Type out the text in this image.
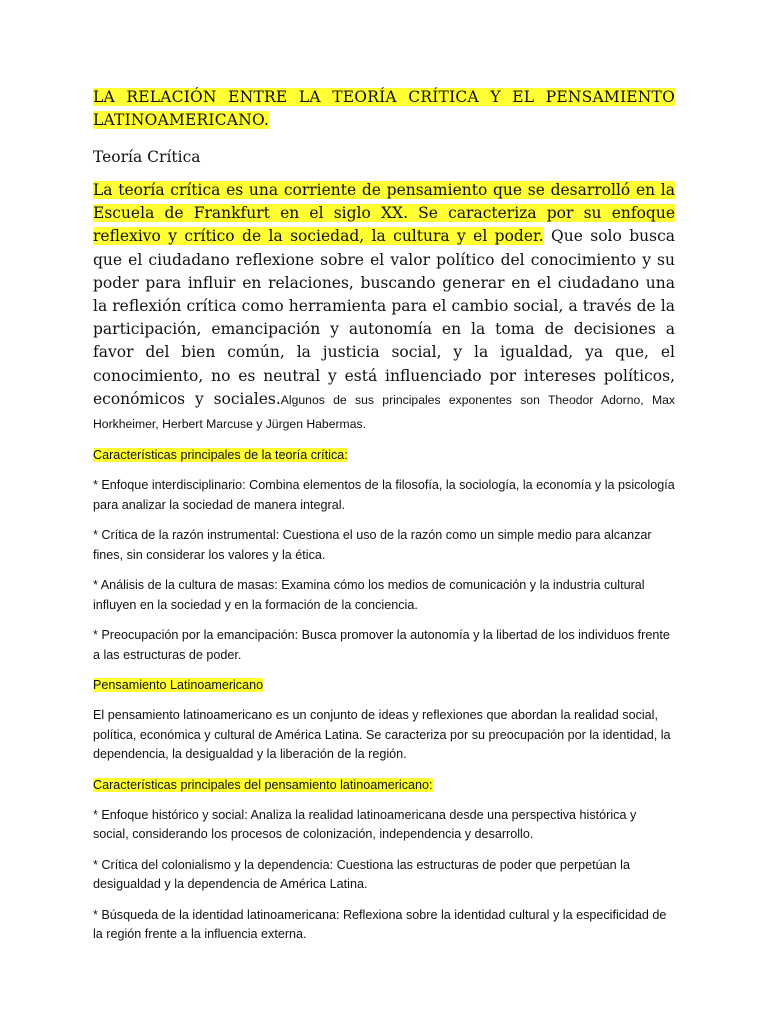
LA RELACIÓN ENTRE LA TEORÍA CRÍTICA Y EL PENSAMIENTO LATINOAMERICANO.

Teoría Crítica

La teoría crítica es una corriente de pensamiento que se desarrolló en la Escuela de Frankfurt en el siglo XX. Se caracteriza por su enfoque reflexivo y crítico de la sociedad, la cultura y el poder. Que solo busca que el ciudadano reflexione sobre el valor político del conocimiento y su poder para influir en relaciones, buscando generar en el ciudadano una la reflexión crítica como herramienta para el cambio social, a través de la participación, emancipación y autonomía en la toma de decisiones a favor del bien común, la justicia social, y la igualdad, ya que, el conocimiento, no es neutral y está influenciado por intereses políticos, económicos y sociales.Algunos de sus principales exponentes son Theodor Adorno, Max Horkheimer, Herbert Marcuse y Jürgen Habermas.

Características principales de la teoría crítica:

* Enfoque interdisciplinario: Combina elementos de la filosofía, la sociología, la economía y la psicología para analizar la sociedad de manera integral.

* Crítica de la razón instrumental: Cuestiona el uso de la razón como un simple medio para alcanzar fines, sin considerar los valores y la ética.

* Análisis de la cultura de masas: Examina cómo los medios de comunicación y la industria cultural influyen en la sociedad y en la formación de la conciencia.

* Preocupación por la emancipación: Busca promover la autonomía y la libertad de los individuos frente a las estructuras de poder.

Pensamiento Latinoamericano

El pensamiento latinoamericano es un conjunto de ideas y reflexiones que abordan la realidad social, política, económica y cultural de América Latina. Se caracteriza por su preocupación por la identidad, la dependencia, la desigualdad y la liberación de la región.

Características principales del pensamiento latinoamericano:

* Enfoque histórico y social: Analiza la realidad latinoamericana desde una perspectiva histórica y social, considerando los procesos de colonización, independencia y desarrollo.

* Crítica del colonialismo y la dependencia: Cuestiona las estructuras de poder que perpetúan la desigualdad y la dependencia de América Latina.

* Búsqueda de la identidad latinoamericana: Reflexiona sobre la identidad cultural y la especificidad de la región frente a la influencia externa.
